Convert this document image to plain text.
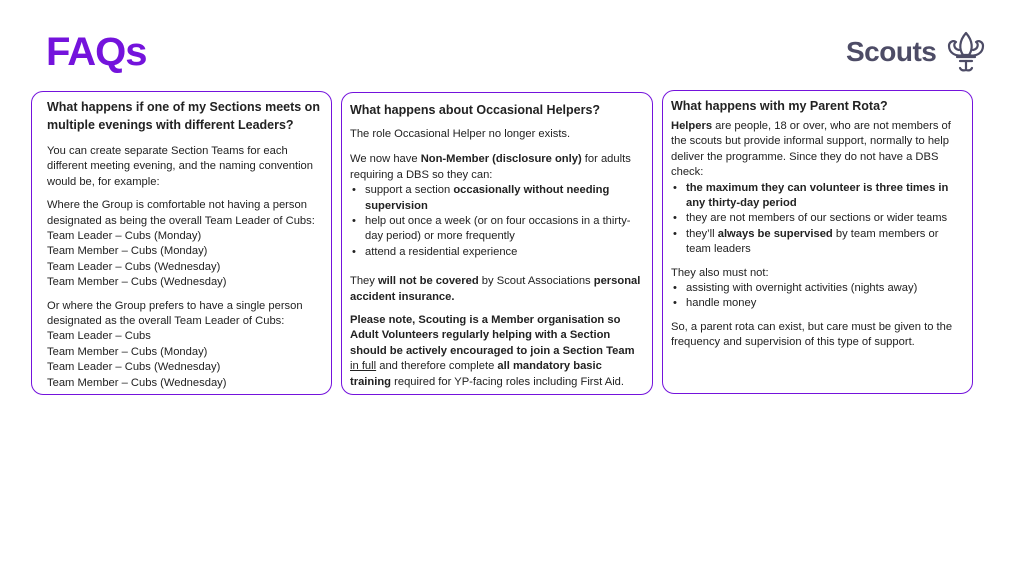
FAQs	Scouts
What happens if one of my Sections meets on multiple evenings with different Leaders?
You can create separate Section Teams for each different meeting evening, and the naming convention would be, for example:
Where the Group is comfortable not having a person designated as being the overall Team Leader of Cubs:
Team Leader – Cubs (Monday)
Team Member – Cubs (Monday)
Team Leader – Cubs (Wednesday)
Team Member – Cubs (Wednesday)
Or where the Group prefers to have a single person designated as the overall Team Leader of Cubs:
Team Leader – Cubs
Team Member – Cubs (Monday)
Team Leader – Cubs (Wednesday)
Team Member – Cubs (Wednesday)
What happens about Occasional Helpers?
The role Occasional Helper no longer exists.
We now have Non-Member (disclosure only) for adults requiring a DBS so they can:
• support a section occasionally without needing supervision
• help out once a week (or on four occasions in a thirty-day period) or more frequently
• attend a residential experience
They will not be covered by Scout Associations personal accident insurance.
Please note, Scouting is a Member organisation so Adult Volunteers regularly helping with a Section should be actively encouraged to join a Section Team in full and therefore complete all mandatory basic training required for YP-facing roles including First Aid.
What happens with my Parent Rota?
Helpers are people, 18 or over, who are not members of the scouts but provide informal support, normally to help deliver the programme. Since they do not have a DBS check:
• the maximum they can volunteer is three times in any thirty-day period
• they are not members of our sections or wider teams
• they’ll always be supervised by team members or team leaders
They also must not:
• assisting with overnight activities (nights away)
• handle money
So, a parent rota can exist, but care must be given to the frequency and supervision of this type of support.
